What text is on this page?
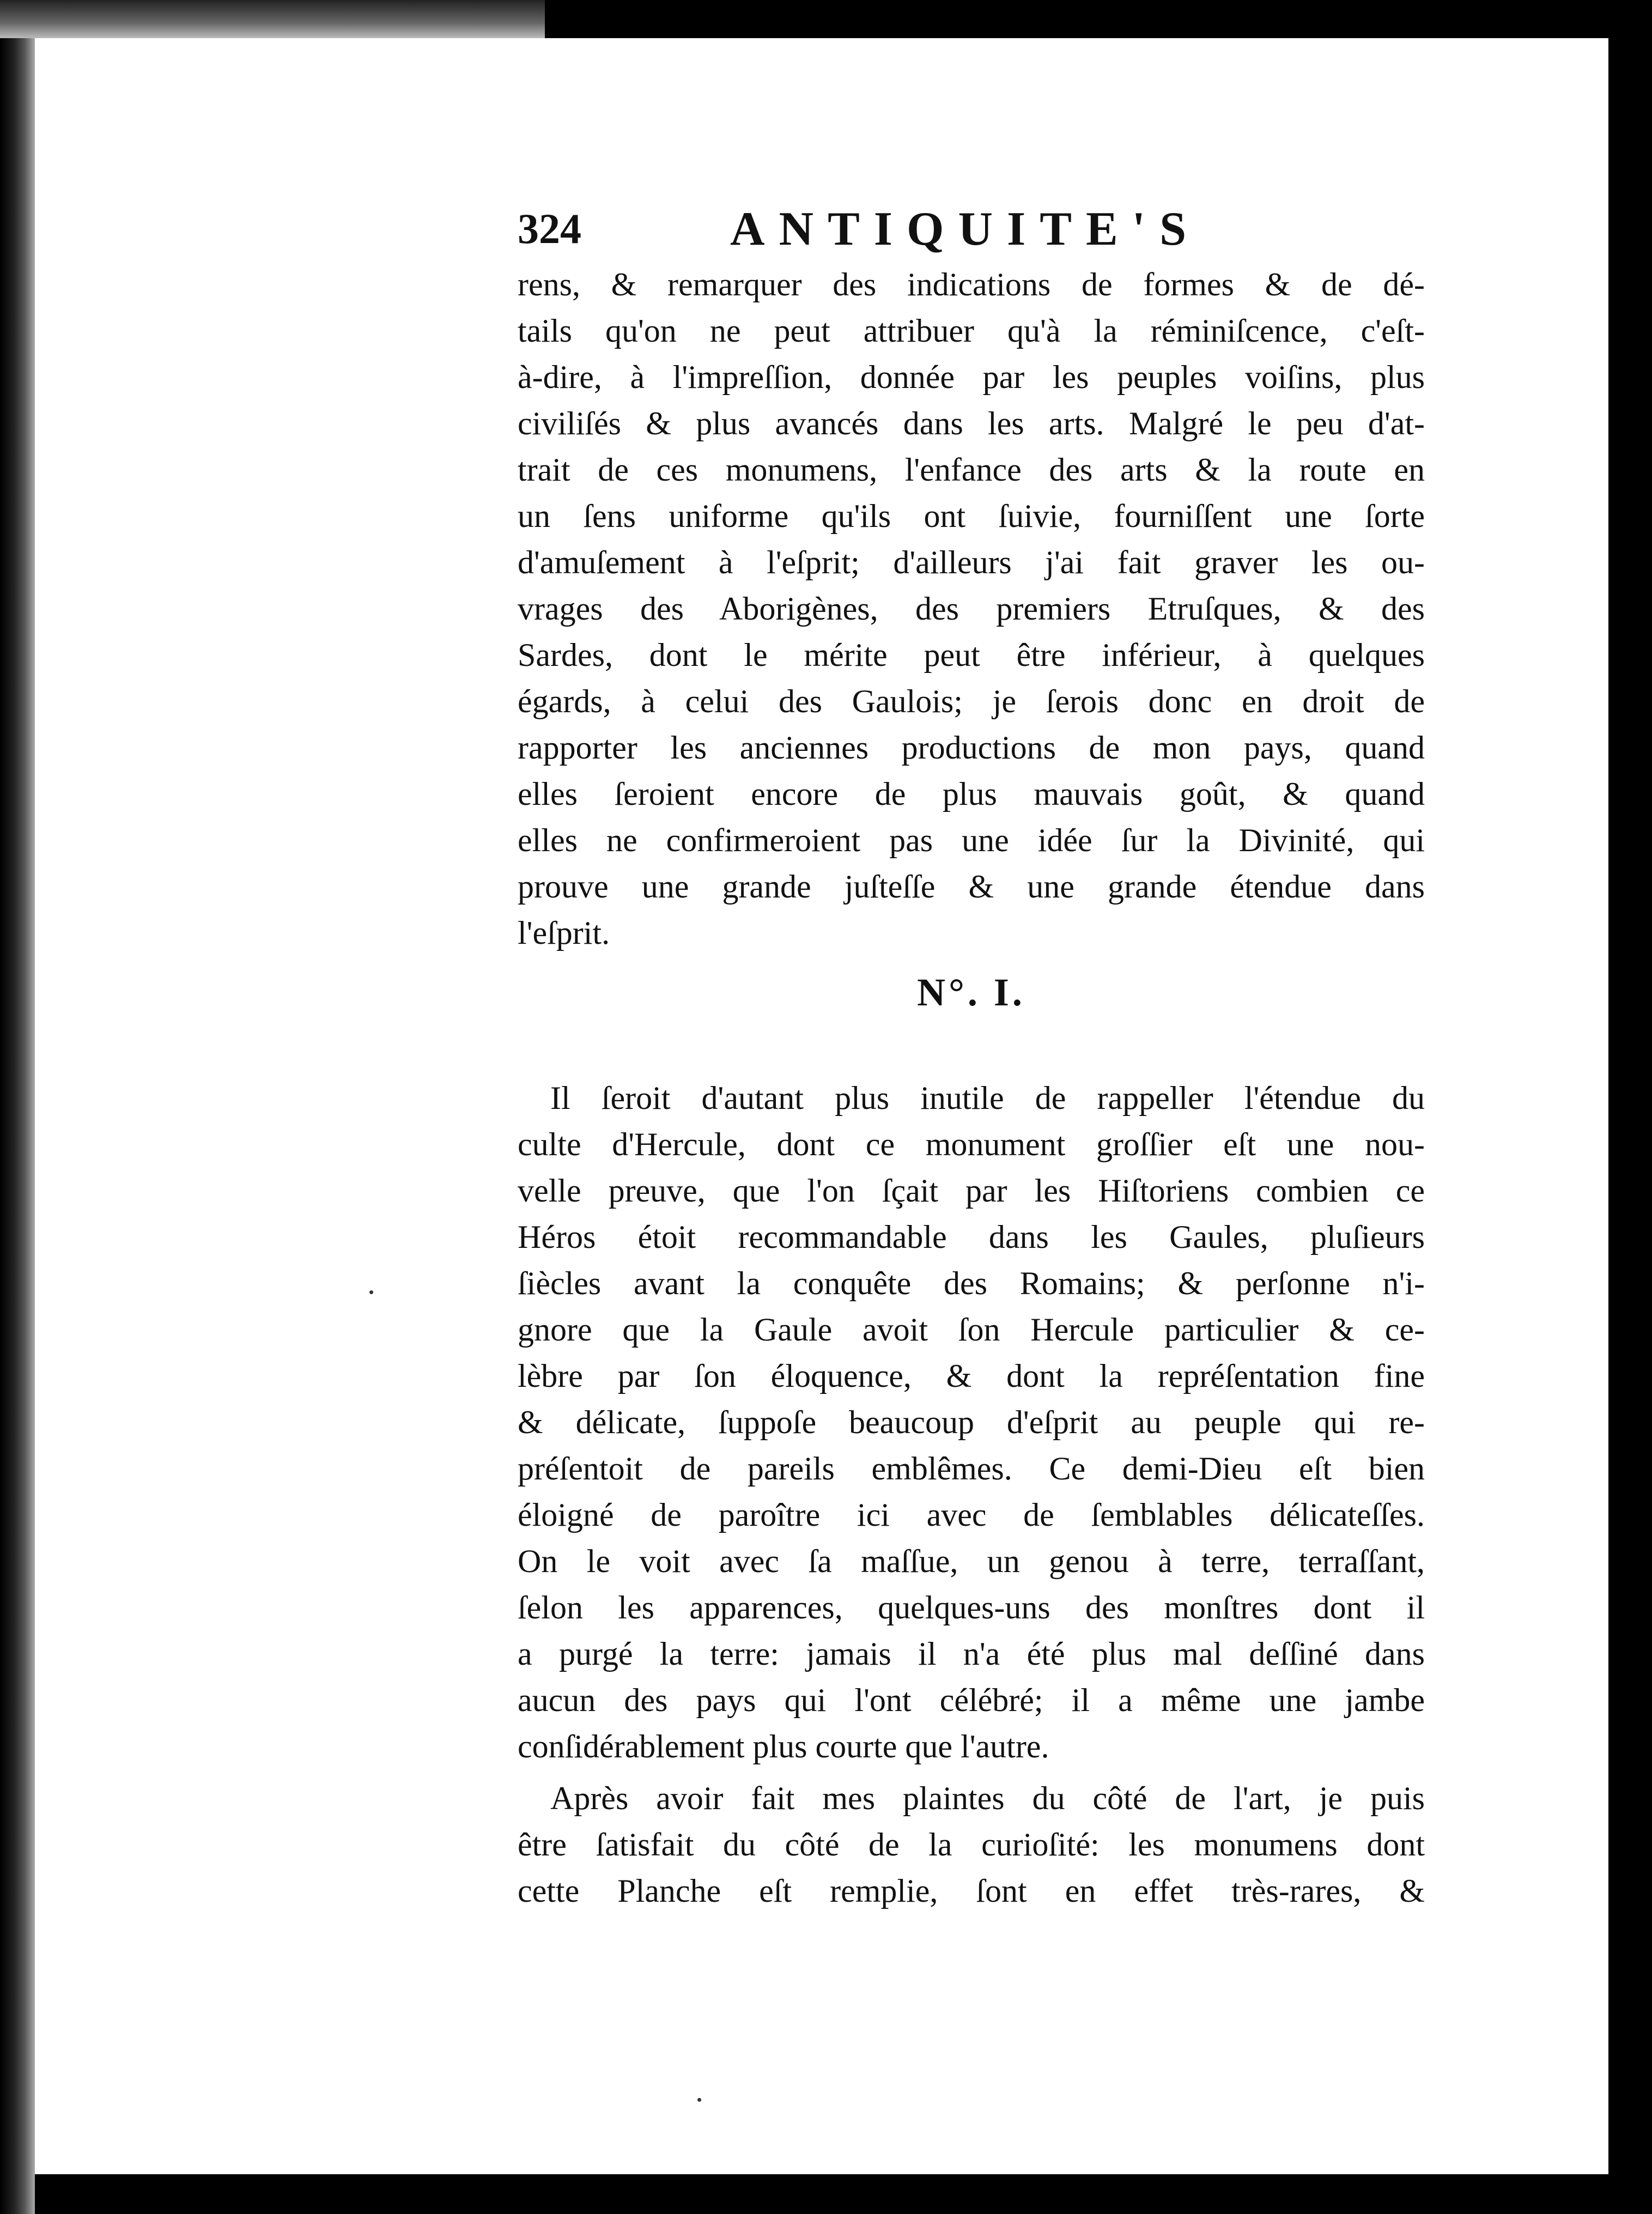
324	ANTIQUITE'S

rens, & remarquer des indications de formes & de dé-
tails qu'on ne peut attribuer qu'à la réminiſcence, c'eſt-
à-dire, à l'impreſſion, donnée par les peuples voiſins, plus
civiliſés & plus avancés dans les arts. Malgré le peu d'at-
trait de ces monumens, l'enfance des arts & la route en
un ſens uniforme qu'ils ont ſuivie, fourniſſent une ſorte
d'amuſement à l'eſprit; d'ailleurs j'ai fait graver les ou-
vrages des Aborigènes, des premiers Etruſques, & des
Sardes, dont le mérite peut être inférieur, à quelques
égards, à celui des Gaulois; je ſerois donc en droit de
rapporter les anciennes productions de mon pays, quand
elles ſeroient encore de plus mauvais goût, & quand
elles ne confirmeroient pas une idée ſur la Divinité, qui
prouve une grande juſteſſe & une grande étendue dans
l'eſprit.

N°. I.

Il ſeroit d'autant plus inutile de rappeller l'étendue du
culte d'Hercule, dont ce monument groſſier eſt une nou-
velle preuve, que l'on ſçait par les Hiſtoriens combien ce
Héros étoit recommandable dans les Gaules, pluſieurs
ſiècles avant la conquête des Romains; & perſonne n'i-
gnore que la Gaule avoit ſon Hercule particulier & ce-
lèbre par ſon éloquence, & dont la repréſentation fine
& délicate, ſuppoſe beaucoup d'eſprit au peuple qui re-
préſentoit de pareils emblêmes. Ce demi-Dieu eſt bien
éloigné de paroître ici avec de ſemblables délicateſſes.
On le voit avec ſa maſſue, un genou à terre, terraſſant,
ſelon les apparences, quelques-uns des monſtres dont il
a purgé la terre: jamais il n'a été plus mal deſſiné dans
aucun des pays qui l'ont célébré; il a même une jambe
conſidérablement plus courte que l'autre.

Après avoir fait mes plaintes du côté de l'art, je puis
être ſatisfait du côté de la curioſité: les monumens dont
cette Planche eſt remplie, ſont en effet très-rares, &
